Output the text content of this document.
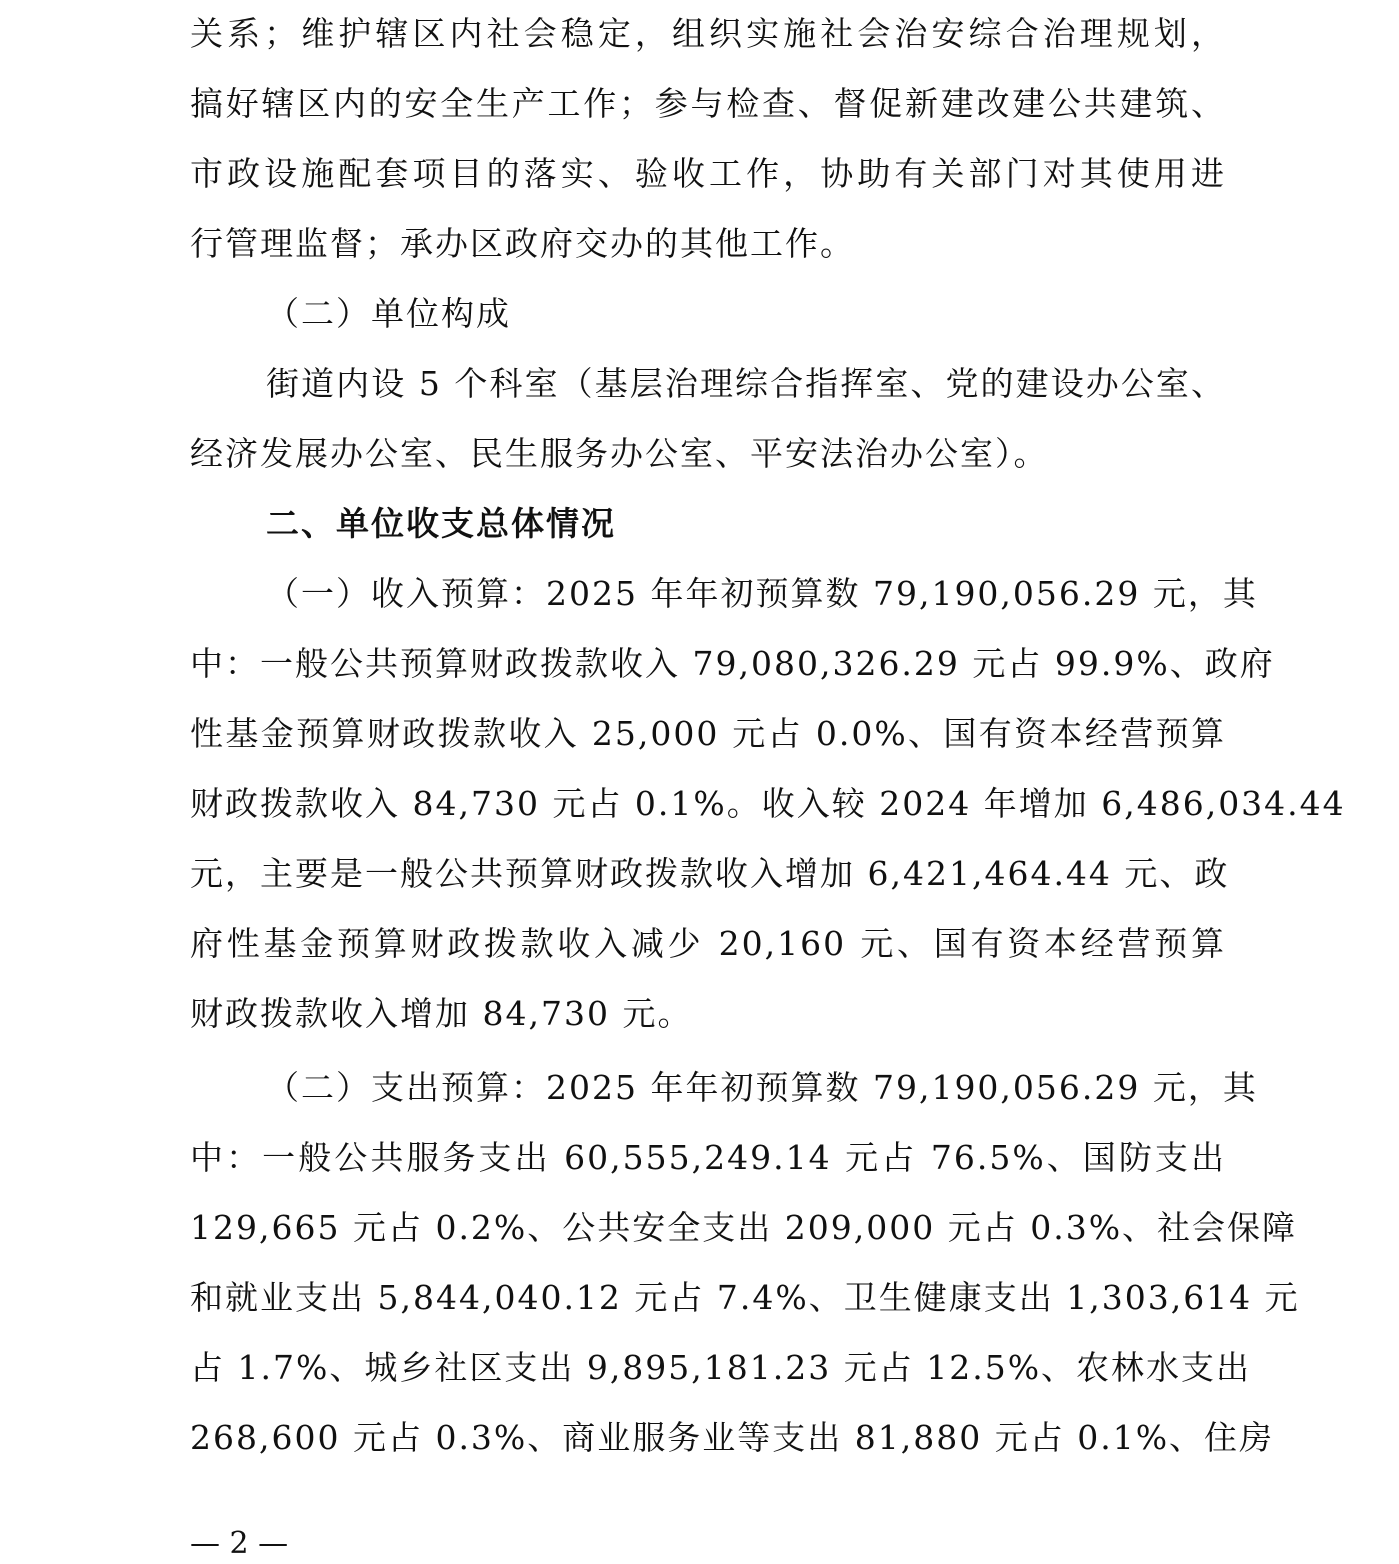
关系；维护辖区内社会稳定，组织实施社会治安综合治理规划，
搞好辖区内的安全生产工作；参与检查、督促新建改建公共建筑、
市政设施配套项目的落实、验收工作，协助有关部门对其使用进
行管理监督；承办区政府交办的其他工作。
（二）单位构成
街道内设 5 个科室（基层治理综合指挥室、党的建设办公室、
经济发展办公室、民生服务办公室、平安法治办公室）。
二、单位收支总体情况
（一）收入预算：2025 年年初预算数 79,190,056.29 元，其
中：一般公共预算财政拨款收入 79,080,326.29 元占 99.9%、政府
性基金预算财政拨款收入 25,000 元占 0.0%、国有资本经营预算
财政拨款收入 84,730 元占 0.1%。收入较 2024 年增加 6,486,034.44
元，主要是一般公共预算财政拨款收入增加 6,421,464.44 元、政
府性基金预算财政拨款收入减少 20,160 元、国有资本经营预算
财政拨款收入增加 84,730 元。
（二）支出预算：2025 年年初预算数 79,190,056.29 元，其
中：一般公共服务支出 60,555,249.14 元占 76.5%、国防支出
129,665 元占 0.2%、公共安全支出 209,000 元占 0.3%、社会保障
和就业支出 5,844,040.12 元占 7.4%、卫生健康支出 1,303,614 元
占 1.7%、城乡社区支出 9,895,181.23 元占 12.5%、农林水支出
268,600 元占 0.3%、商业服务业等支出 81,880 元占 0.1%、住房
— 2 —
